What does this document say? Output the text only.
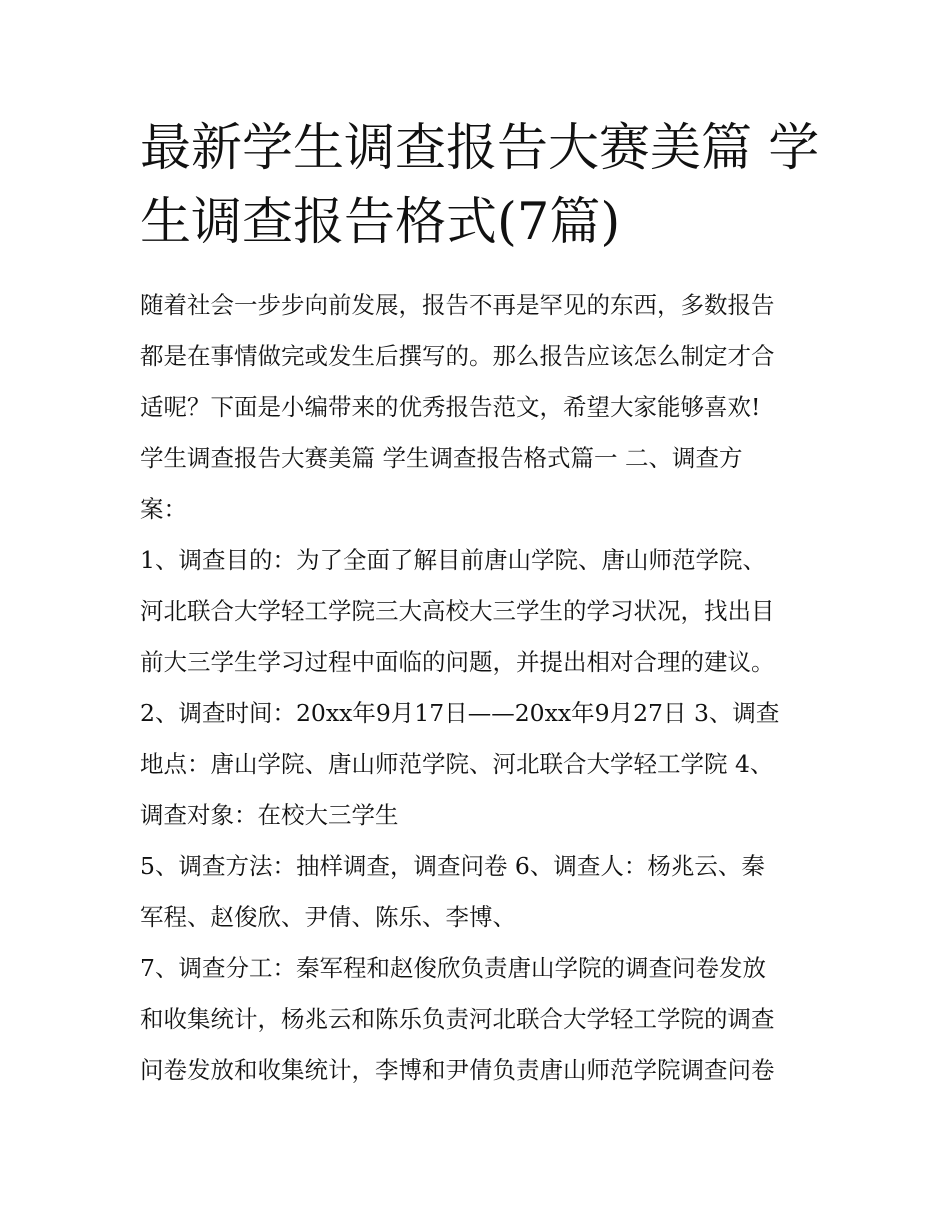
最新学生调查报告大赛美篇 学
生调查报告格式(7篇)
随着社会一步步向前发展，报告不再是罕见的东西，多数报告
都是在事情做完或发生后撰写的。那么报告应该怎么制定才合
适呢？下面是小编带来的优秀报告范文，希望大家能够喜欢!
学生调查报告大赛美篇 学生调查报告格式篇一 二、调查方
案：
1、调查目的：为了全面了解目前唐山学院、唐山师范学院、
河北联合大学轻工学院三大高校大三学生的学习状况，找出目
前大三学生学习过程中面临的问题，并提出相对合理的建议。
2、调查时间：20xx年9月17日——20xx年9月27日 3、调查
地点：唐山学院、唐山师范学院、河北联合大学轻工学院 4、
调查对象：在校大三学生
5、调查方法：抽样调查，调查问卷 6、调查人：杨兆云、秦
军程、赵俊欣、尹倩、陈乐、李博、
7、调查分工：秦军程和赵俊欣负责唐山学院的调查问卷发放
和收集统计，杨兆云和陈乐负责河北联合大学轻工学院的调查
问卷发放和收集统计，李博和尹倩负责唐山师范学院调查问卷
